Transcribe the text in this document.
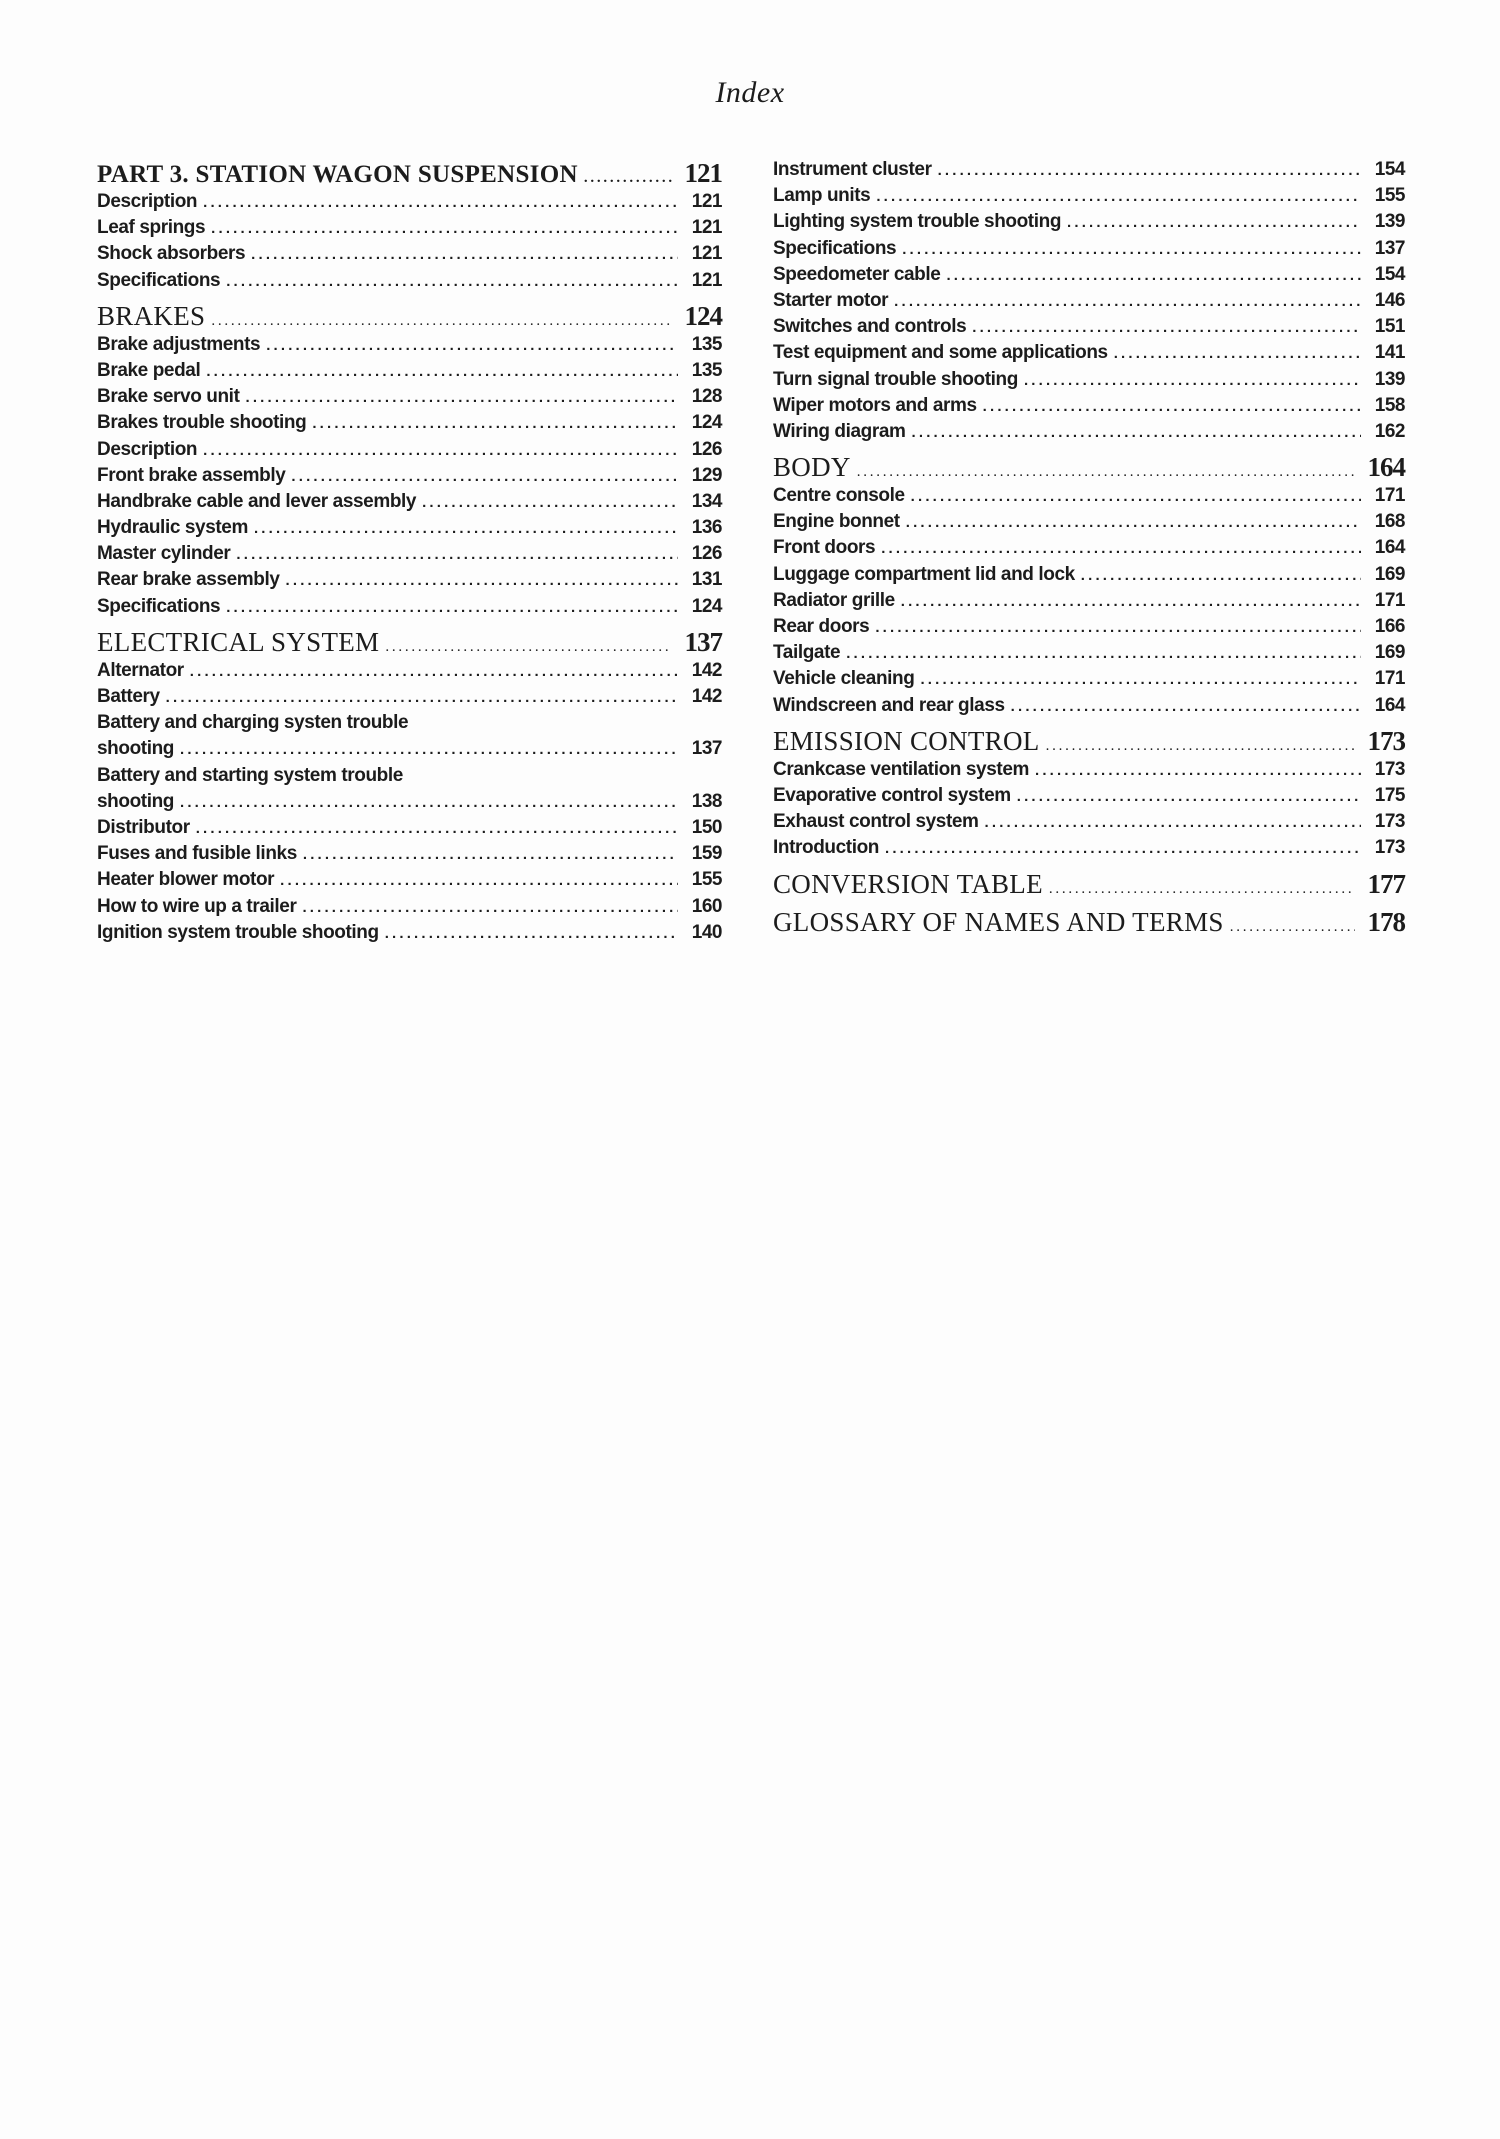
Index
PART 3. STATION WAGON SUSPENSION . . .	121
Description . . .	121
Leaf springs . . .	121
Shock absorbers . . .	121
Specifications . . .	121
BRAKES . . .	124
Brake adjustments . . .	135
Brake pedal . . .	135
Brake servo unit . . .	128
Brakes trouble shooting . . .	124
Description . . .	126
Front brake assembly . . .	129
Handbrake cable and lever assembly . . .	134
Hydraulic system . . .	136
Master cylinder . . .	126
Rear brake assembly . . .	131
Specifications . . .	124
ELECTRICAL SYSTEM . . .	137
Alternator . . .	142
Battery . . .	142
Battery and charging systen trouble
shooting . . .	137
Battery and starting system trouble
shooting . . .	138
Distributor . . .	150
Fuses and fusible links . . .	159
Heater blower motor . . .	155
How to wire up a trailer . . .	160
Ignition system trouble shooting . . .	140
Instrument cluster . . .	154
Lamp units . . .	155
Lighting system trouble shooting . . .	139
Specifications . . .	137
Speedometer cable . . .	154
Starter motor . . .	146
Switches and controls . . .	151
Test equipment and some applications . . .	141
Turn signal trouble shooting . . .	139
Wiper motors and arms . . .	158
Wiring diagram . . .	162
BODY . . .	164
Centre console . . .	171
Engine bonnet . . .	168
Front doors . . .	164
Luggage compartment lid and lock . . .	169
Radiator grille . . .	171
Rear doors . . .	166
Tailgate . . .	169
Vehicle cleaning . . .	171
Windscreen and rear glass . . .	164
EMISSION CONTROL . . .	173
Crankcase ventilation system . . .	173
Evaporative control system . . .	175
Exhaust control system . . .	173
Introduction . . .	173
CONVERSION TABLE . . .	177
GLOSSARY OF NAMES AND TERMS . . .	178
